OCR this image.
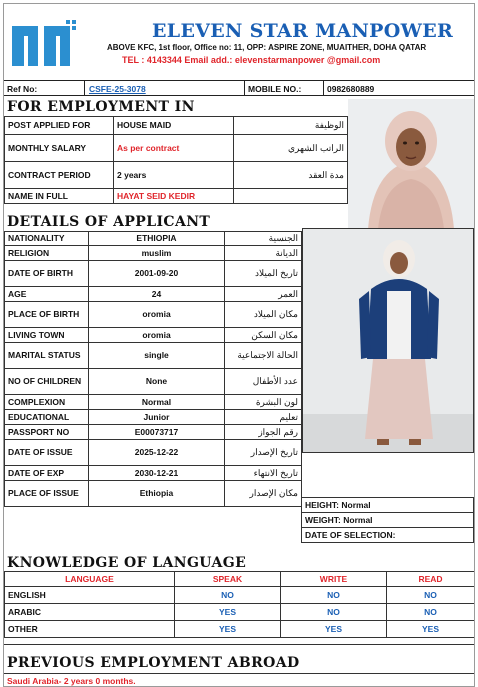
ELEVEN STAR MANPOWER
ABOVE KFC, 1st floor, Office no: 11, OPP: ASPIRE ZONE, MUAITHER, DOHA QATAR
TEL : 4143344 Email add.: elevenstarmanpower @gmail.com
Ref No:	CSFE-25-3078	MOBILE NO.:	0982680889
FOR EMPLOYMENT IN
POST APPLIED FOR	HOUSE MAID	الوظيفة
MONTHLY SALARY	As per contract	الراتب الشهري
CONTRACT PERIOD	2 years	مدة العقد
NAME IN FULL	HAYAT SEID KEDIR	
DETAILS OF APPLICANT
NATIONALITY	ETHIOPIA	الجنسية
RELIGION	muslim	الديانة
DATE OF BIRTH	2001-09-20	تاريخ الميلاد
AGE	24	العمر
PLACE OF BIRTH	oromia	مكان الميلاد
LIVING TOWN	oromia	مكان السكن
MARITAL STATUS	single	الحالة الاجتماعية
NO OF CHILDREN	None	عدد الأطفال
COMPLEXION	Normal	لون البشرة
EDUCATIONAL	Junior	تعليم
PASSPORT NO	E00073717	رقم الجواز
DATE OF ISSUE	2025-12-22	تاريخ الإصدار
DATE OF EXP	2030-12-21	تاريخ الانتهاء
PLACE OF ISSUE	Ethiopia	مكان الإصدار
HEIGHT: Normal
WEIGHT: Normal
DATE OF SELECTION:
KNOWLEDGE OF LANGUAGE
LANGUAGE	SPEAK	WRITE	READ
ENGLISH	NO	NO	NO
ARABIC	YES	NO	NO
OTHER	YES	YES	YES
PREVIOUS EMPLOYMENT ABROAD
Saudi Arabia- 2 years 0 months.
